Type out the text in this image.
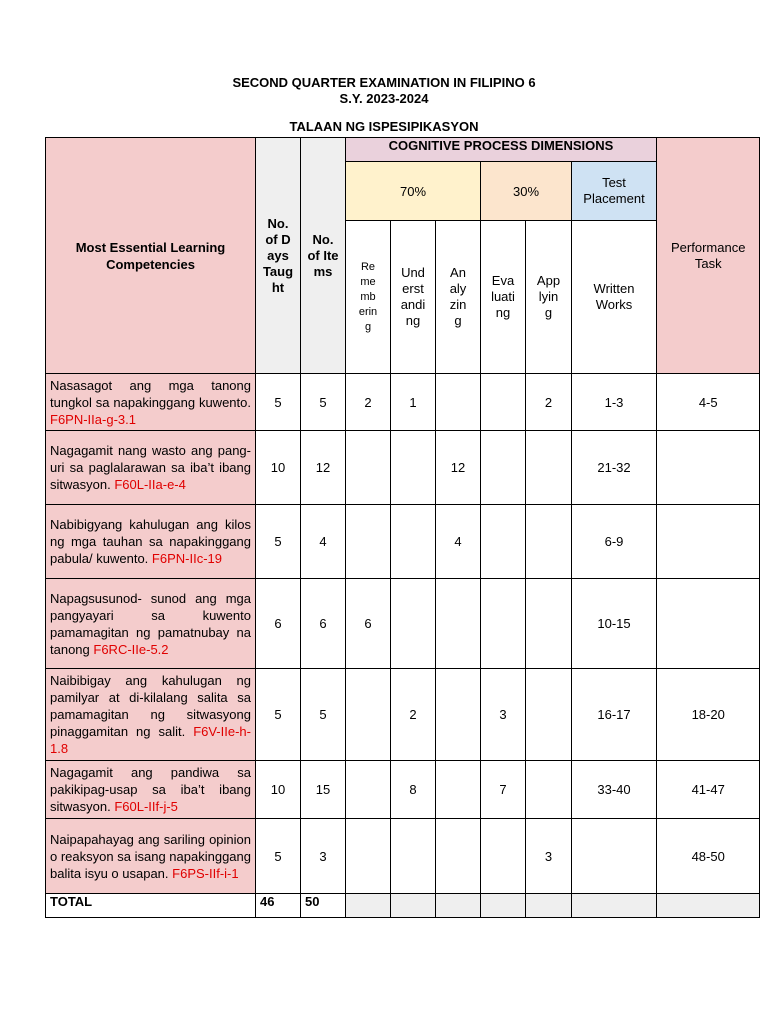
SECOND QUARTER EXAMINATION IN FILIPINO 6
S.Y. 2023-2024
TALAAN NG ISPESIPIKASYON
Most Essential Learning Competencies	No. of Days Taught	No. of Items	COGNITIVE PROCESS DIMENSIONS						Performance Task
			70%			30%		Test Placement	
			Remembering	Understanding	Analyzing	Evaluating	Applying	Written Works	
Nasasagot ang mga tanong tungkol sa napakinggang kuwento. F6PN-IIa-g-3.1	5	5	2	1			2	1-3	4-5
Nagagamit nang wasto ang pang-uri sa paglalarawan sa iba’t ibang sitwasyon. F60L-IIa-e-4	10	12			12			21-32	
Nabibigyang kahulugan ang kilos ng mga tauhan sa napakinggang pabula/ kuwento. F6PN-IIc-19	5	4			4			6-9	
Napagsusunod- sunod ang mga pangyayari sa kuwento pamamagitan ng pamatnubay na tanong F6RC-IIe-5.2	6	6	6					10-15	
Naibibigay ang kahulugan ng pamilyar at di-kilalang salita sa pamamagitan ng sitwasyong pinaggamitan ng salit. F6V-IIe-h-1.8	5	5		2		3		16-17	18-20
Nagagamit ang pandiwa sa pakikipag-usap sa iba’t ibang sitwasyon. F60L-IIf-j-5	10	15		8		7		33-40	41-47
Naipapahayag ang sariling opinion o reaksyon sa isang napakinggang balita isyu o usapan. F6PS-IIf-i-1	5	3					3		48-50
TOTAL	46	50							
